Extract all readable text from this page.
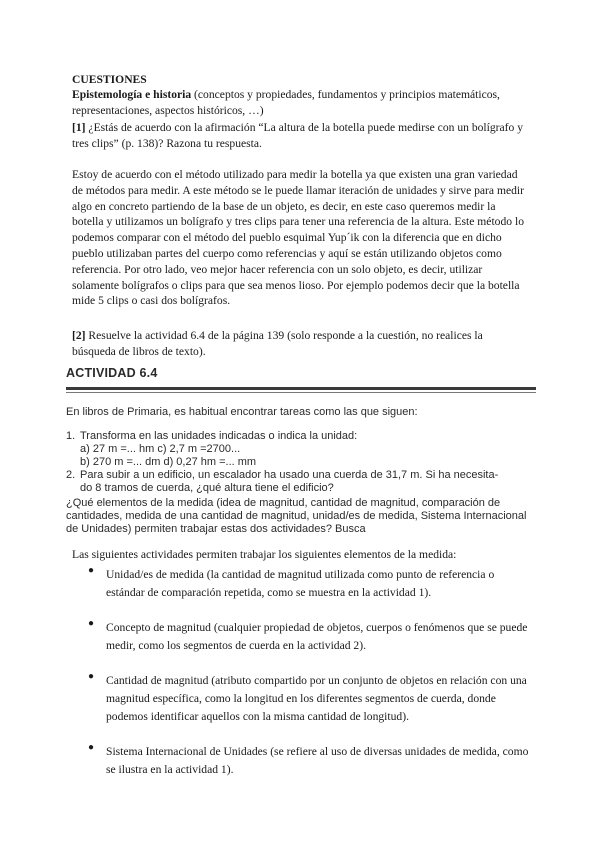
CUESTIONES
Epistemología e historia (conceptos y propiedades, fundamentos y principios matemáticos, representaciones, aspectos históricos, …)
[1] ¿Estás de acuerdo con la afirmación “La altura de la botella puede medirse con un bolígrafo y tres clips” (p. 138)? Razona tu respuesta.

Estoy de acuerdo con el método utilizado para medir la botella ya que existen una gran variedad de métodos para medir. A este método se le puede llamar iteración de unidades y sirve para medir algo en concreto partiendo de la base de un objeto, es decir, en este caso queremos medir la botella y utilizamos un bolígrafo y tres clips para tener una referencia de la altura. Este método lo podemos comparar con el método del pueblo esquimal Yup´ik con la diferencia que en dicho pueblo utilizaban partes del cuerpo como referencias y aquí se están utilizando objetos como referencia. Por otro lado, veo mejor hacer referencia con un solo objeto, es decir, utilizar solamente bolígrafos o clips para que sea menos lioso. Por ejemplo podemos decir que la botella mide 5 clips o casi dos bolígrafos.

[2] Resuelve la actividad 6.4 de la página 139 (solo responde a la cuestión, no realices la búsqueda de libros de texto).
ACTIVIDAD 6.4
En libros de Primaria, es habitual encontrar tareas como las que siguen:
1. Transforma en las unidades indicadas o indica la unidad:
a) 27 m =... hm c) 2,7 m =2700...
b) 270 m =... dm d) 0,27 hm =... mm
2. Para subir a un edificio, un escalador ha usado una cuerda de 31,7 m. Si ha necesita-
do 8 tramos de cuerda, ¿qué altura tiene el edificio?
¿Qué elementos de la medida (idea de magnitud, cantidad de magnitud, comparación de cantidades, medida de una cantidad de magnitud, unidad/es de medida, Sistema Internacional de Unidades) permiten trabajar estas dos actividades? Busca
Las siguientes actividades permiten trabajar los siguientes elementos de la medida:
● Unidad/es de medida (la cantidad de magnitud utilizada como punto de referencia o estándar de comparación repetida, como se muestra en la actividad 1).
● Concepto de magnitud (cualquier propiedad de objetos, cuerpos o fenómenos que se puede medir, como los segmentos de cuerda en la actividad 2).
● Cantidad de magnitud (atributo compartido por un conjunto de objetos en relación con una magnitud específica, como la longitud en los diferentes segmentos de cuerda, donde podemos identificar aquellos con la misma cantidad de longitud).
● Sistema Internacional de Unidades (se refiere al uso de diversas unidades de medida, como se ilustra en la actividad 1).
